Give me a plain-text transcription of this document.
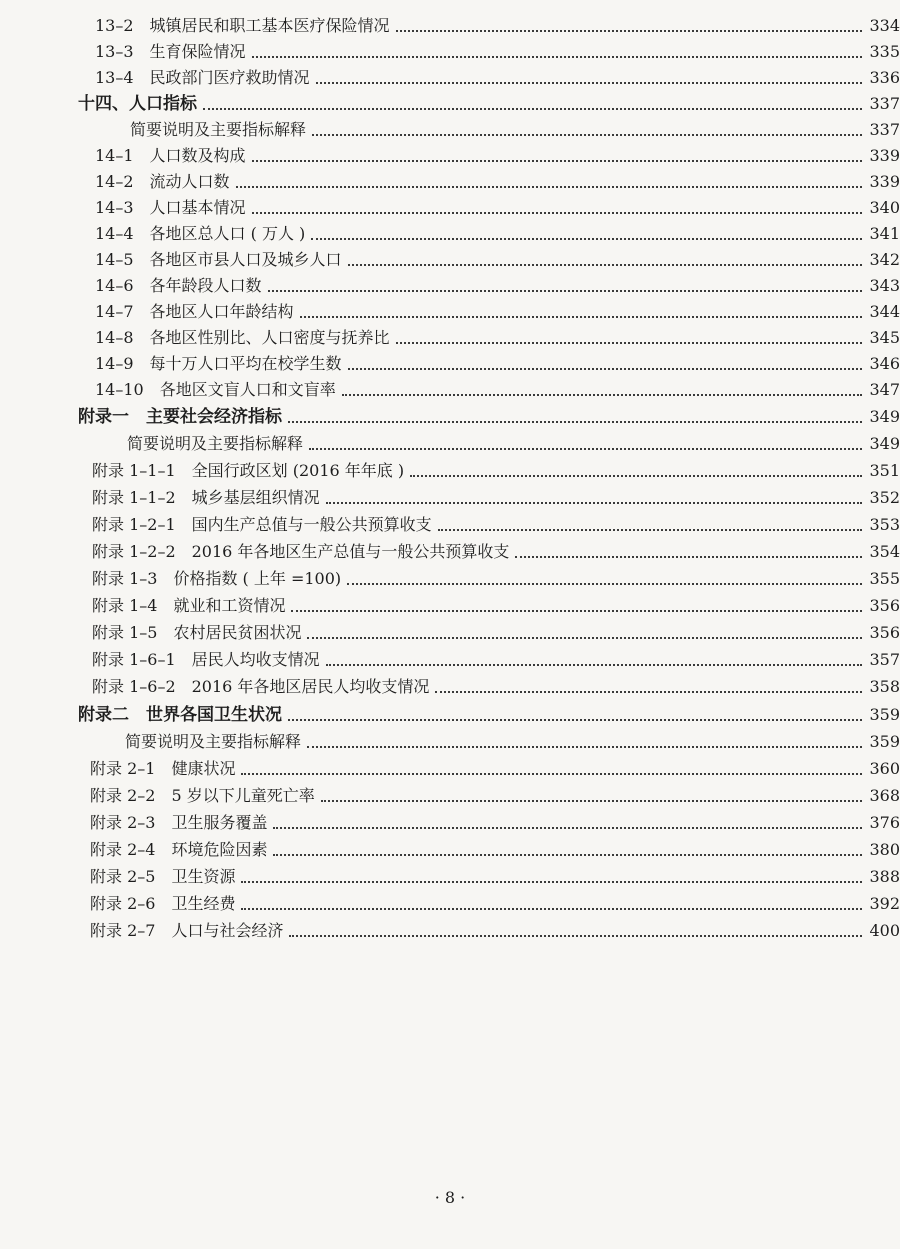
13–2　城镇居民和职工基本医疗保险情况	334
13–3　生育保险情况	335
13–4　民政部门医疗救助情况	336
十四、人口指标	337
简要说明及主要指标解释	337
14–1　人口数及构成	339
14–2　流动人口数	339
14–3　人口基本情况	340
14–4　各地区总人口 ( 万人 )	341
14–5　各地区市县人口及城乡人口	342
14–6　各年龄段人口数	343
14–7　各地区人口年龄结构	344
14–8　各地区性别比、人口密度与抚养比	345
14–9　每十万人口平均在校学生数	346
14–10　各地区文盲人口和文盲率	347
附录一　主要社会经济指标	349
简要说明及主要指标解释	349
附录 1–1–1　全国行政区划 (2016 年年底 )	351
附录 1–1–2　城乡基层组织情况	352
附录 1–2–1　国内生产总值与一般公共预算收支	353
附录 1–2–2　2016 年各地区生产总值与一般公共预算收支	354
附录 1–3　价格指数 ( 上年 =100)	355
附录 1–4　就业和工资情况	356
附录 1–5　农村居民贫困状况	356
附录 1–6–1　居民人均收支情况	357
附录 1–6–2　2016 年各地区居民人均收支情况	358
附录二　世界各国卫生状况	359
简要说明及主要指标解释	359
附录 2–1　健康状况	360
附录 2–2　5 岁以下儿童死亡率	368
附录 2–3　卫生服务覆盖	376
附录 2–4　环境危险因素	380
附录 2–5　卫生资源	388
附录 2–6　卫生经费	392
附录 2–7　人口与社会经济	400
· 8 ·
